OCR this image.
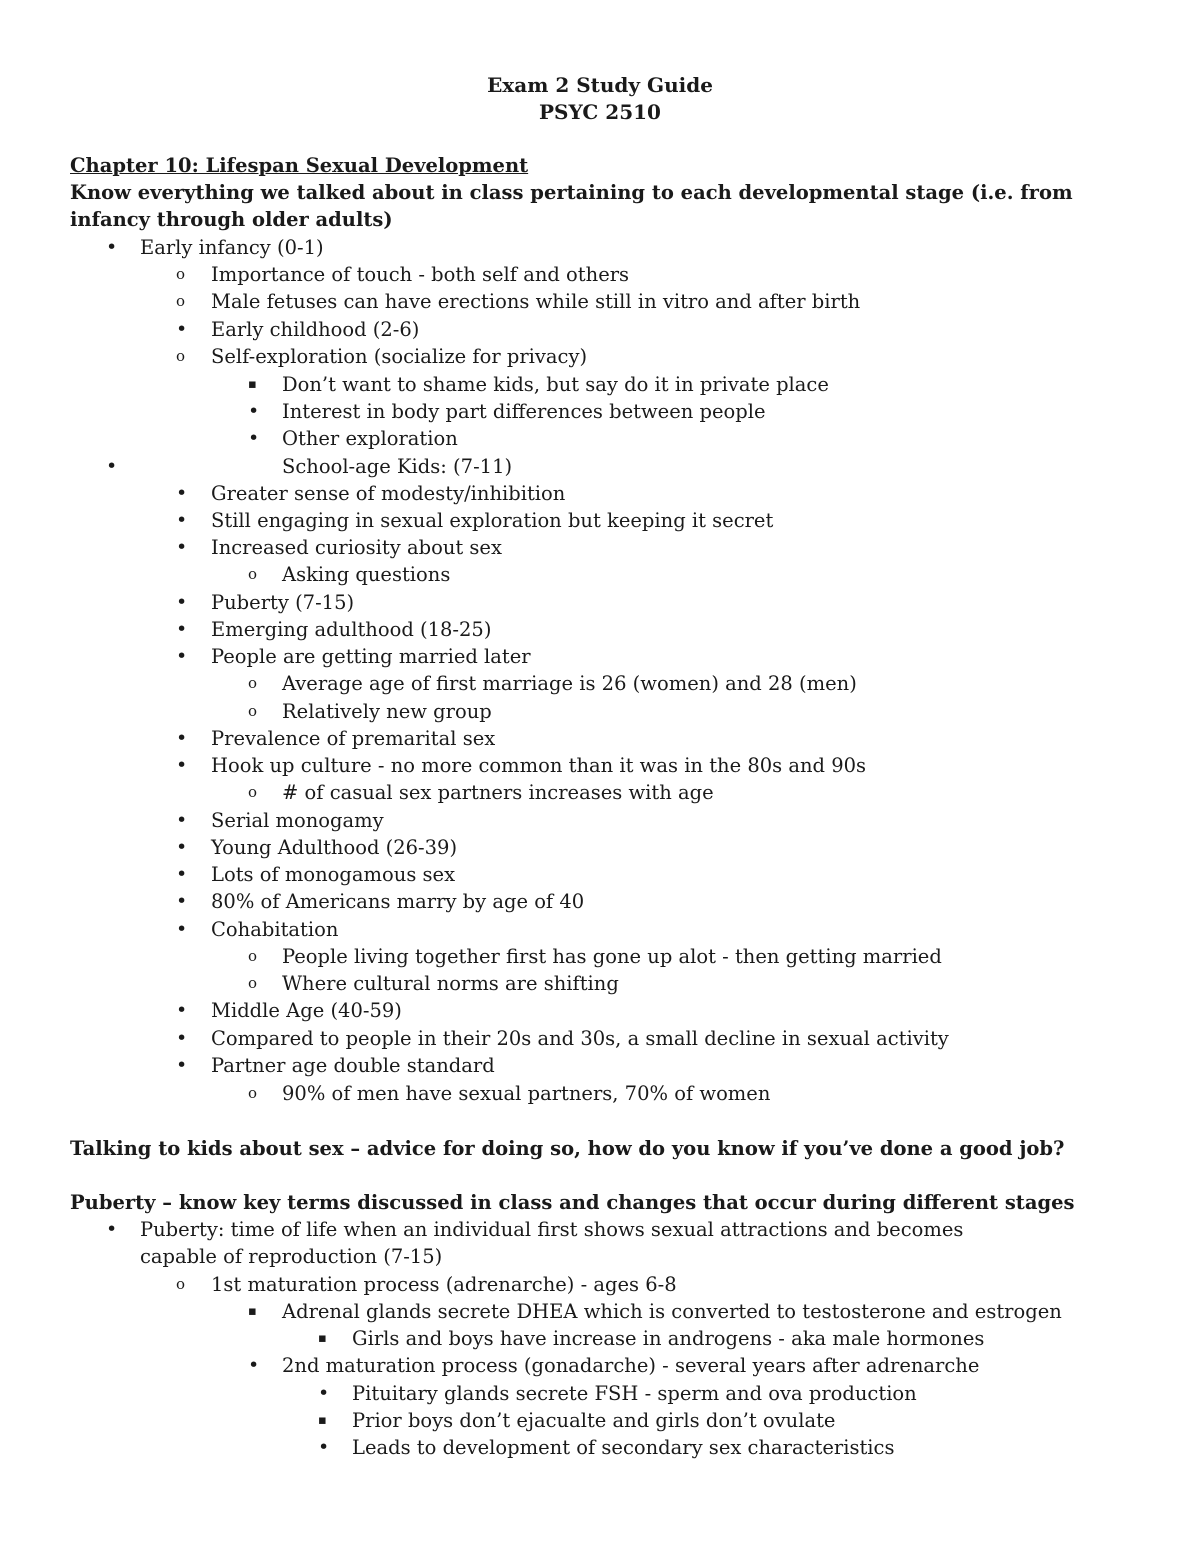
Exam 2 Study Guide
PSYC 2510
Chapter 10: Lifespan Sexual Development
Know everything we talked about in class pertaining to each developmental stage (i.e. from infancy through older adults)
•
Early infancy (0-1)
o
Importance of touch - both self and others
o
Male fetuses can have erections while still in vitro and after birth
•
Early childhood (2-6)
o
Self-exploration (socialize for privacy)
▪
Don’t want to shame kids, but say do it in private place
•
Interest in body part differences between people
•
Other exploration
•
School-age Kids: (7-11)
•
Greater sense of modesty/inhibition
•
Still engaging in sexual exploration but keeping it secret
•
Increased curiosity about sex
o
Asking questions
•
Puberty (7-15)
•
Emerging adulthood (18-25)
•
People are getting married later
o
Average age of first marriage is 26 (women) and 28 (men)
o
Relatively new group
•
Prevalence of premarital sex
•
Hook up culture - no more common than it was in the 80s and 90s
o
# of casual sex partners increases with age
•
Serial monogamy
•
Young Adulthood (26-39)
•
Lots of monogamous sex
•
80% of Americans marry by age of 40
•
Cohabitation
o
People living together first has gone up alot - then getting married
o
Where cultural norms are shifting
•
Middle Age (40-59)
•
Compared to people in their 20s and 30s, a small decline in sexual activity
•
Partner age double standard
o
90% of men have sexual partners, 70% of women
Talking to kids about sex – advice for doing so, how do you know if you’ve done a good job?
Puberty – know key terms discussed in class and changes that occur during different stages
•
Puberty: time of life when an individual first shows sexual attractions and becomes capable of reproduction (7-15)
o
1st maturation process (adrenarche) - ages 6-8
▪
Adrenal glands secrete DHEA which is converted to testosterone and estrogen
▪
Girls and boys have increase in androgens - aka male hormones
•
2nd maturation process (gonadarche) - several years after adrenarche
•
Pituitary glands secrete FSH - sperm and ova production
▪
Prior boys don’t ejacualte and girls don’t ovulate
•
Leads to development of secondary sex characteristics
